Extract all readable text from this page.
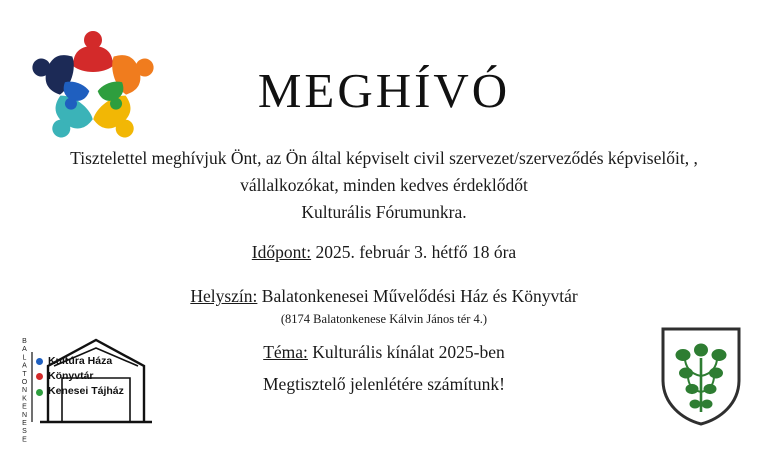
MEGHÍVÓ
Tisztelettel meghívjuk Önt, az Ön által képviselt civil szervezet/szerveződés képviselőit, ,
vállalkozókat, minden kedves érdeklődőt
Kulturális Fórumunkra.
Időpont: 2025. február 3. hétfő 18 óra
Helyszín: Balatonkenesei Művelődési Ház és Könyvtár
(8174 Balatonkenese Kálvin János tér 4.)
Téma: Kulturális kínálat 2025-ben
Megtisztelő jelenlétére számítunk!
BALATONKENESE Kultúra Háza
Könyvtár
Kenesei Tájház
